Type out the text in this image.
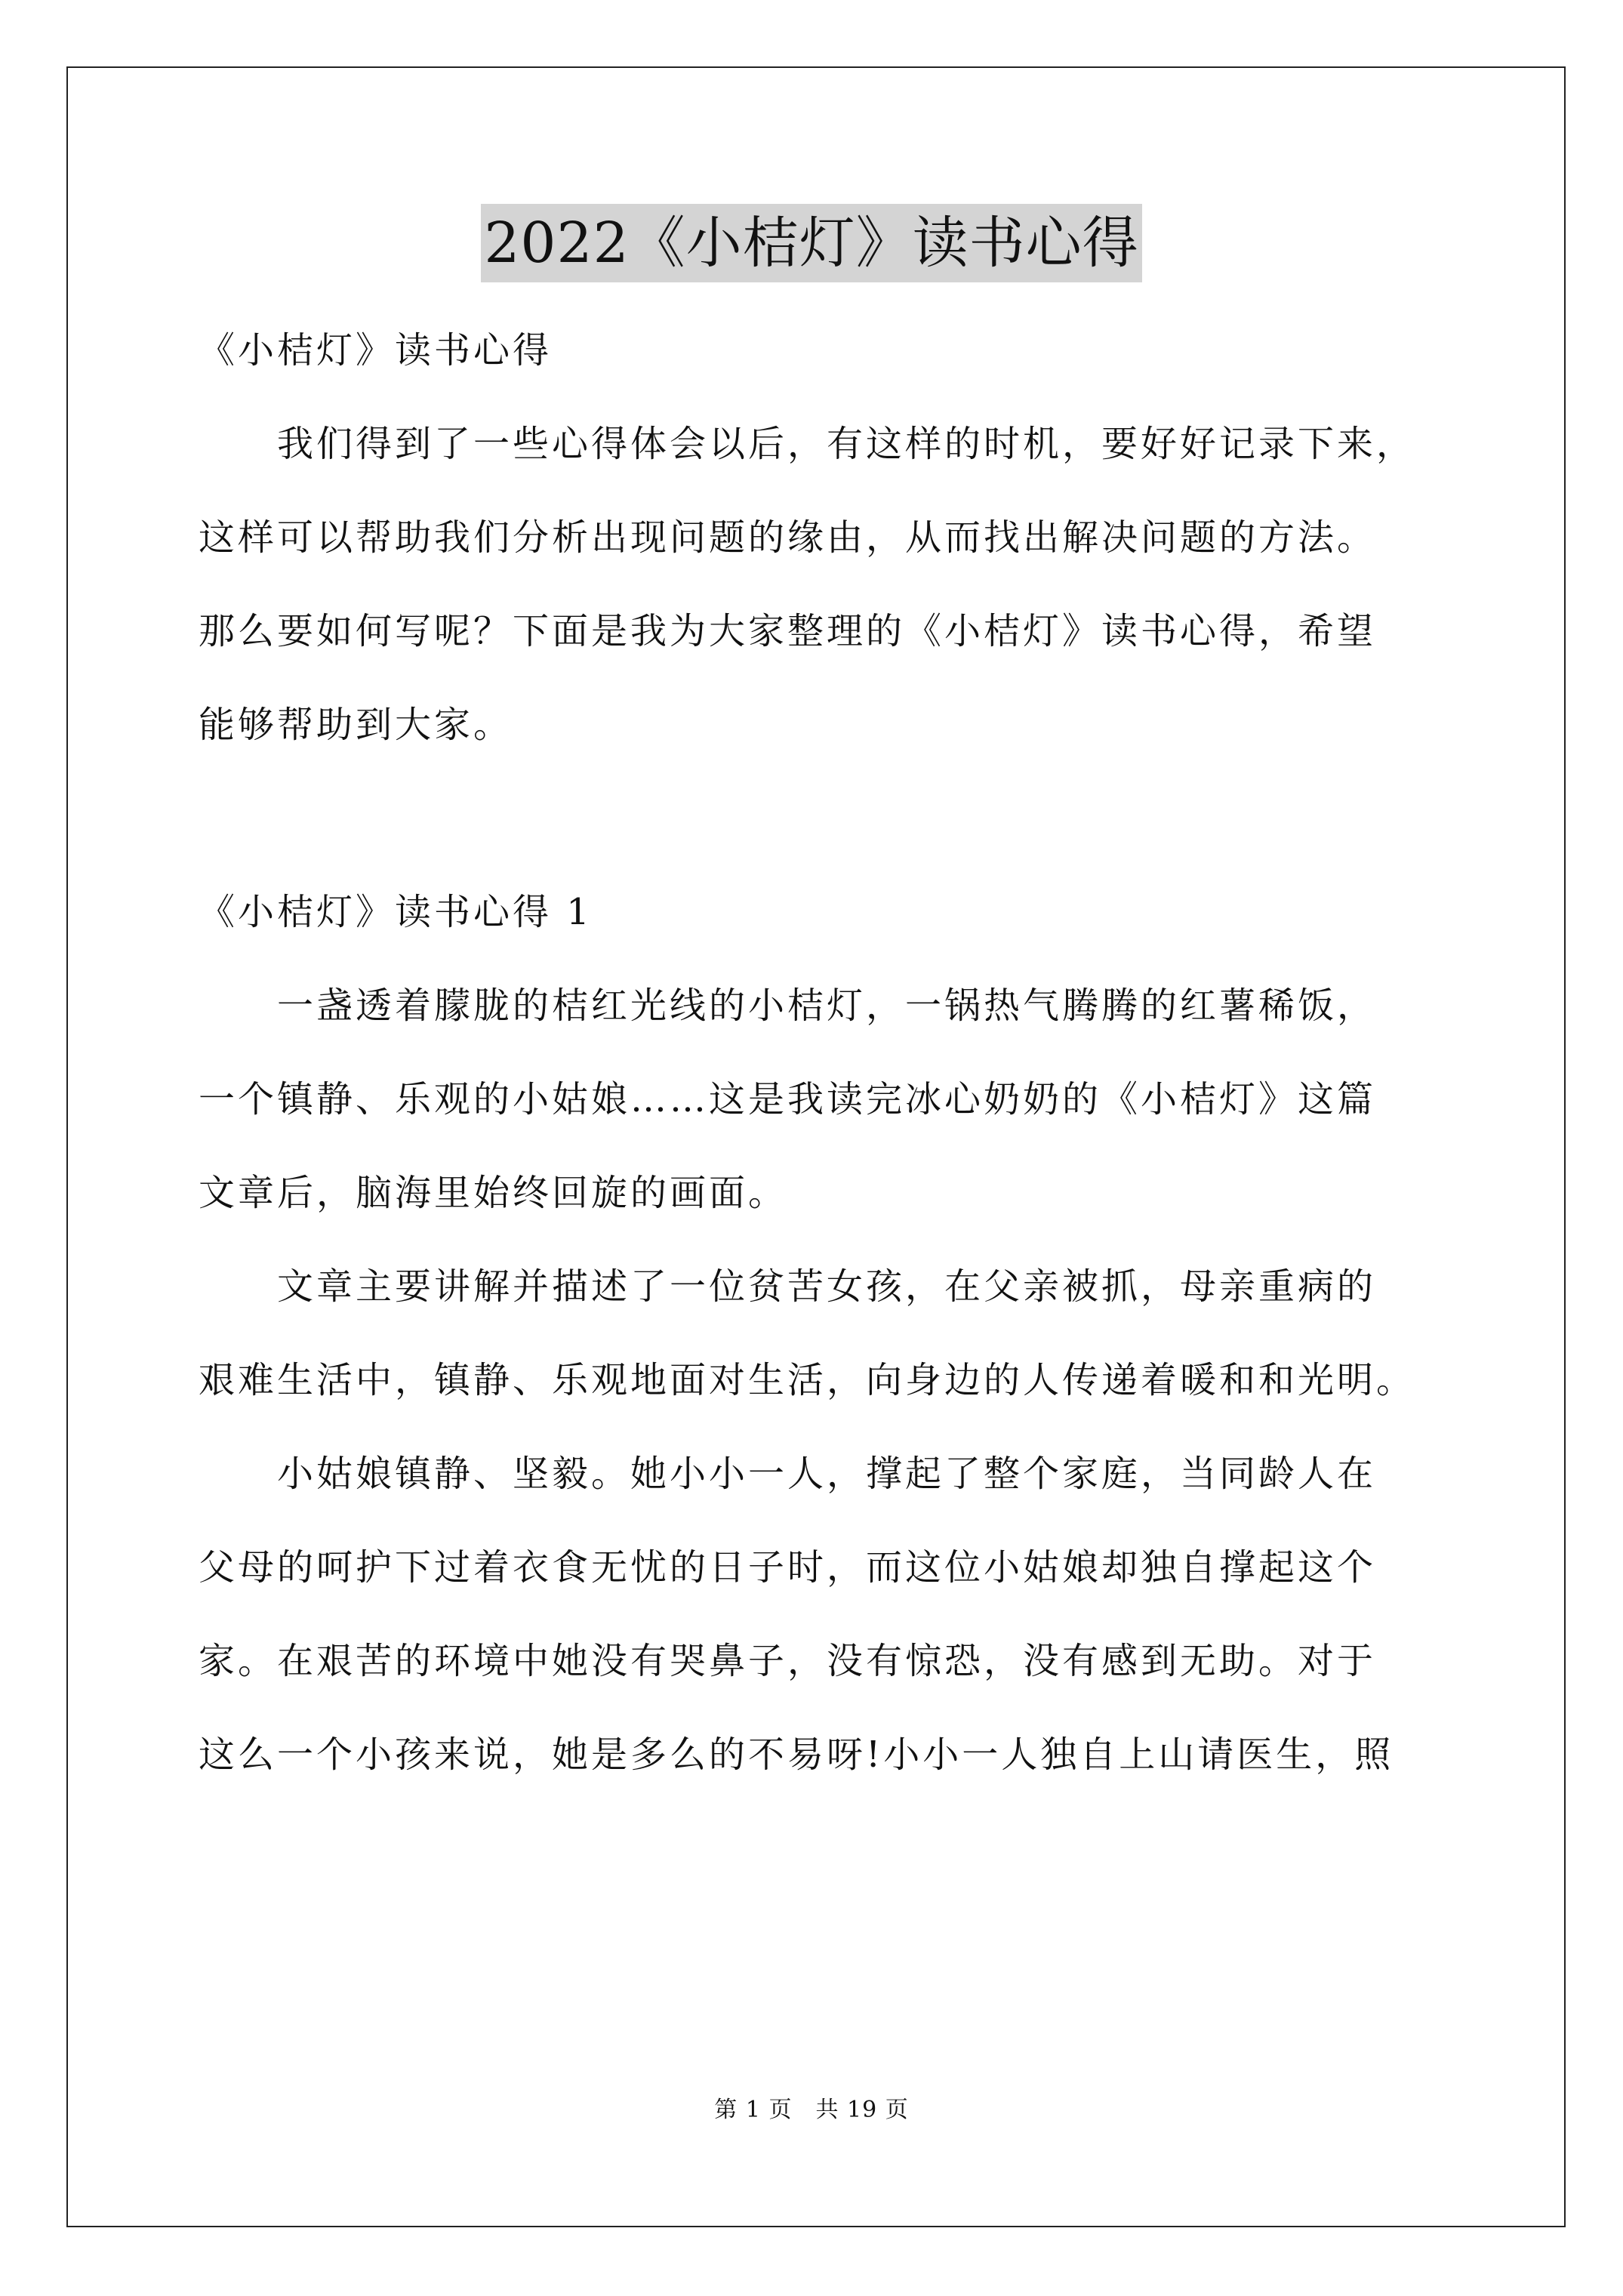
2022《小桔灯》读书心得
《小桔灯》读书心得
　　我们得到了一些心得体会以后，有这样的时机，要好好记录下来，
这样可以帮助我们分析出现问题的缘由，从而找出解决问题的方法。
那么要如何写呢？下面是我为大家整理的《小桔灯》读书心得，希望
能够帮助到大家。
《小桔灯》读书心得 1
　　一盏透着朦胧的桔红光线的小桔灯，一锅热气腾腾的红薯稀饭，
一个镇静、乐观的小姑娘……这是我读完冰心奶奶的《小桔灯》这篇
文章后，脑海里始终回旋的画面。
　　文章主要讲解并描述了一位贫苦女孩，在父亲被抓，母亲重病的
艰难生活中，镇静、乐观地面对生活，向身边的人传递着暖和和光明。
　　小姑娘镇静、坚毅。她小小一人，撑起了整个家庭，当同龄人在
父母的呵护下过着衣食无忧的日子时，而这位小姑娘却独自撑起这个
家。在艰苦的环境中她没有哭鼻子，没有惊恐，没有感到无助。对于
这么一个小孩来说，她是多么的不易呀!小小一人独自上山请医生，照
第 1 页　共 19 页
